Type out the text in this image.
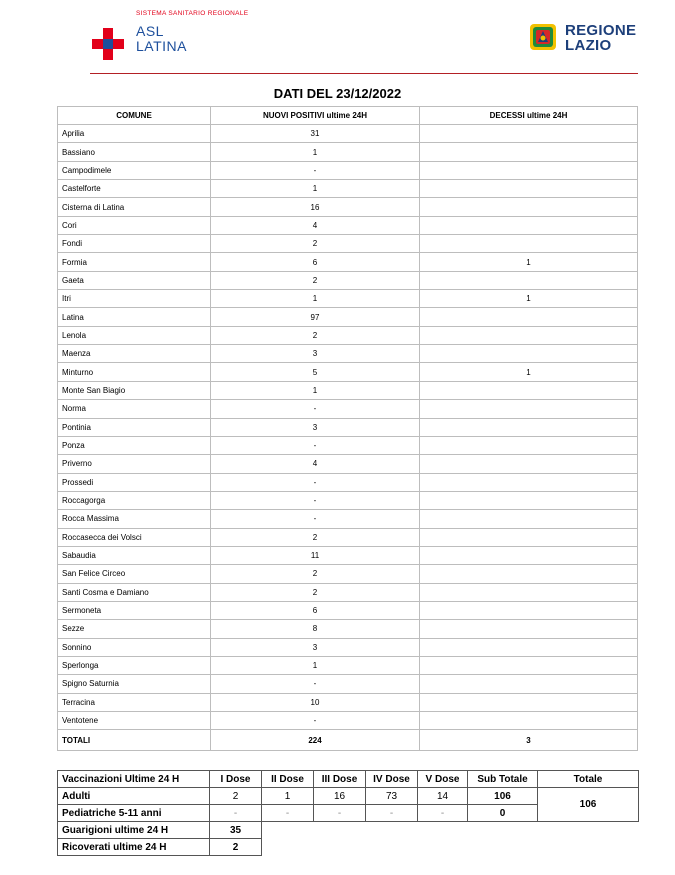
SISTEMA SANITARIO REGIONALE
ASL
LATINA
REGIONE
LAZIO
DATI DEL 23/12/2022
COMUNE	NUOVI POSITIVI ultime 24H	DECESSI ultime 24H
Aprilia	31	
Bassiano	1	
Campodimele	-	
Castelforte	1	
Cisterna di Latina	16	
Cori	4	
Fondi	2	
Formia	6	1
Gaeta	2	
Itri	1	1
Latina	97	
Lenola	2	
Maenza	3	
Minturno	5	1
Monte San Biagio	1	
Norma	-	
Pontinia	3	
Ponza	-	
Priverno	4	
Prossedi	-	
Roccagorga	-	
Rocca Massima	-	
Roccasecca dei Volsci	2	
Sabaudia	11	
San Felice Circeo	2	
Santi Cosma e Damiano	2	
Sermoneta	6	
Sezze	8	
Sonnino	3	
Sperlonga	1	
Spigno Saturnia	-	
Terracina	10	
Ventotene	-	
TOTALI	224	3
Vaccinazioni Ultime 24 H	I Dose	II Dose	III Dose	IV Dose	V Dose	Sub Totale	Totale
Adulti	2	1	16	73	14	106	106
Pediatriche 5-11 anni	-	-	-	-	-	0	
Guarigioni ultime 24 H	35						
Ricoverati ultime 24 H	2						
